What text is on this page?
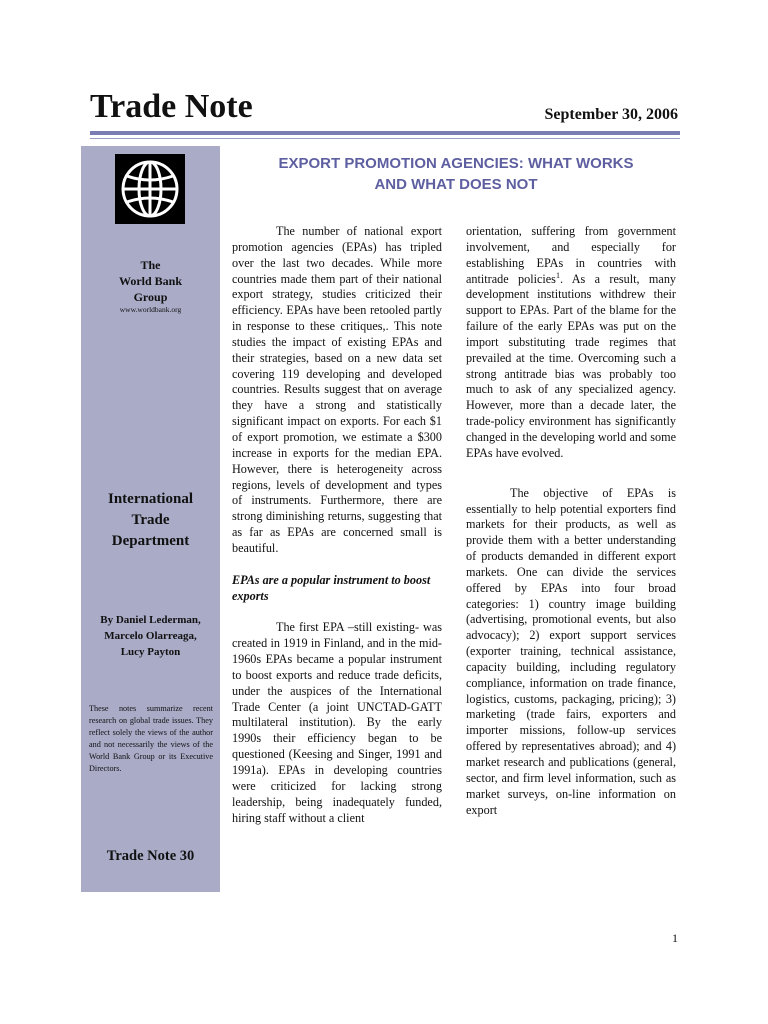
Trade Note	September 30, 2006
The
World Bank
Group
www.worldbank.org
International
Trade
Department
By Daniel Lederman,
Marcelo Olarreaga,
Lucy Payton
These notes summarize recent research on global trade issues. They reflect solely the views of the author and not necessarily the views of the World Bank Group or its Executive Directors.
Trade Note 30
EXPORT PROMOTION AGENCIES: WHAT WORKS
AND WHAT DOES NOT

The number of national export promotion agencies (EPAs) has tripled over the last two decades. While more countries made them part of their national export strategy, studies criticized their efficiency. EPAs have been retooled partly in response to these critiques,. This note studies the impact of existing EPAs and their strategies, based on a new data set covering 119 developing and developed countries. Results suggest that on average they have a strong and statistically significant impact on exports. For each $1 of export promotion, we estimate a $300 increase in exports for the median EPA. However, there is heterogeneity across regions, levels of development and types of instruments. Furthermore, there are strong diminishing returns, suggesting that as far as EPAs are concerned small is beautiful.

EPAs are a popular instrument to boost exports

The first EPA –still existing- was created in 1919 in Finland, and in the mid-1960s EPAs became a popular instrument to boost exports and reduce trade deficits, under the auspices of the International Trade Center (a joint UNCTAD-GATT multilateral institution). By the early 1990s their efficiency began to be questioned (Keesing and Singer, 1991 and 1991a). EPAs in developing countries were criticized for lacking strong leadership, being inadequately funded, hiring staff without a client

orientation, suffering from government involvement, and especially for establishing EPAs in countries with antitrade policies$^1$. As a result, many development institutions withdrew their support to EPAs. Part of the blame for the failure of the early EPAs was put on the import substituting trade regimes that prevailed at the time. Overcoming such a strong antitrade bias was probably too much to ask of any specialized agency. However, more than a decade later, the trade-policy environment has significantly changed in the developing world and some EPAs have evolved.

The objective of EPAs is essentially to help potential exporters find markets for their products, as well as provide them with a better understanding of products demanded in different export markets. One can divide the services offered by EPAs into four broad categories: 1) country image building (advertising, promotional events, but also advocacy); 2) export support services (exporter training, technical assistance, capacity building, including regulatory compliance, information on trade finance, logistics, customs, packaging, pricing); 3) marketing (trade fairs, exporters and importer missions, follow-up services offered by representatives abroad); and 4) market research and publications (general, sector, and firm level information, such as market surveys, on-line information on export

1
